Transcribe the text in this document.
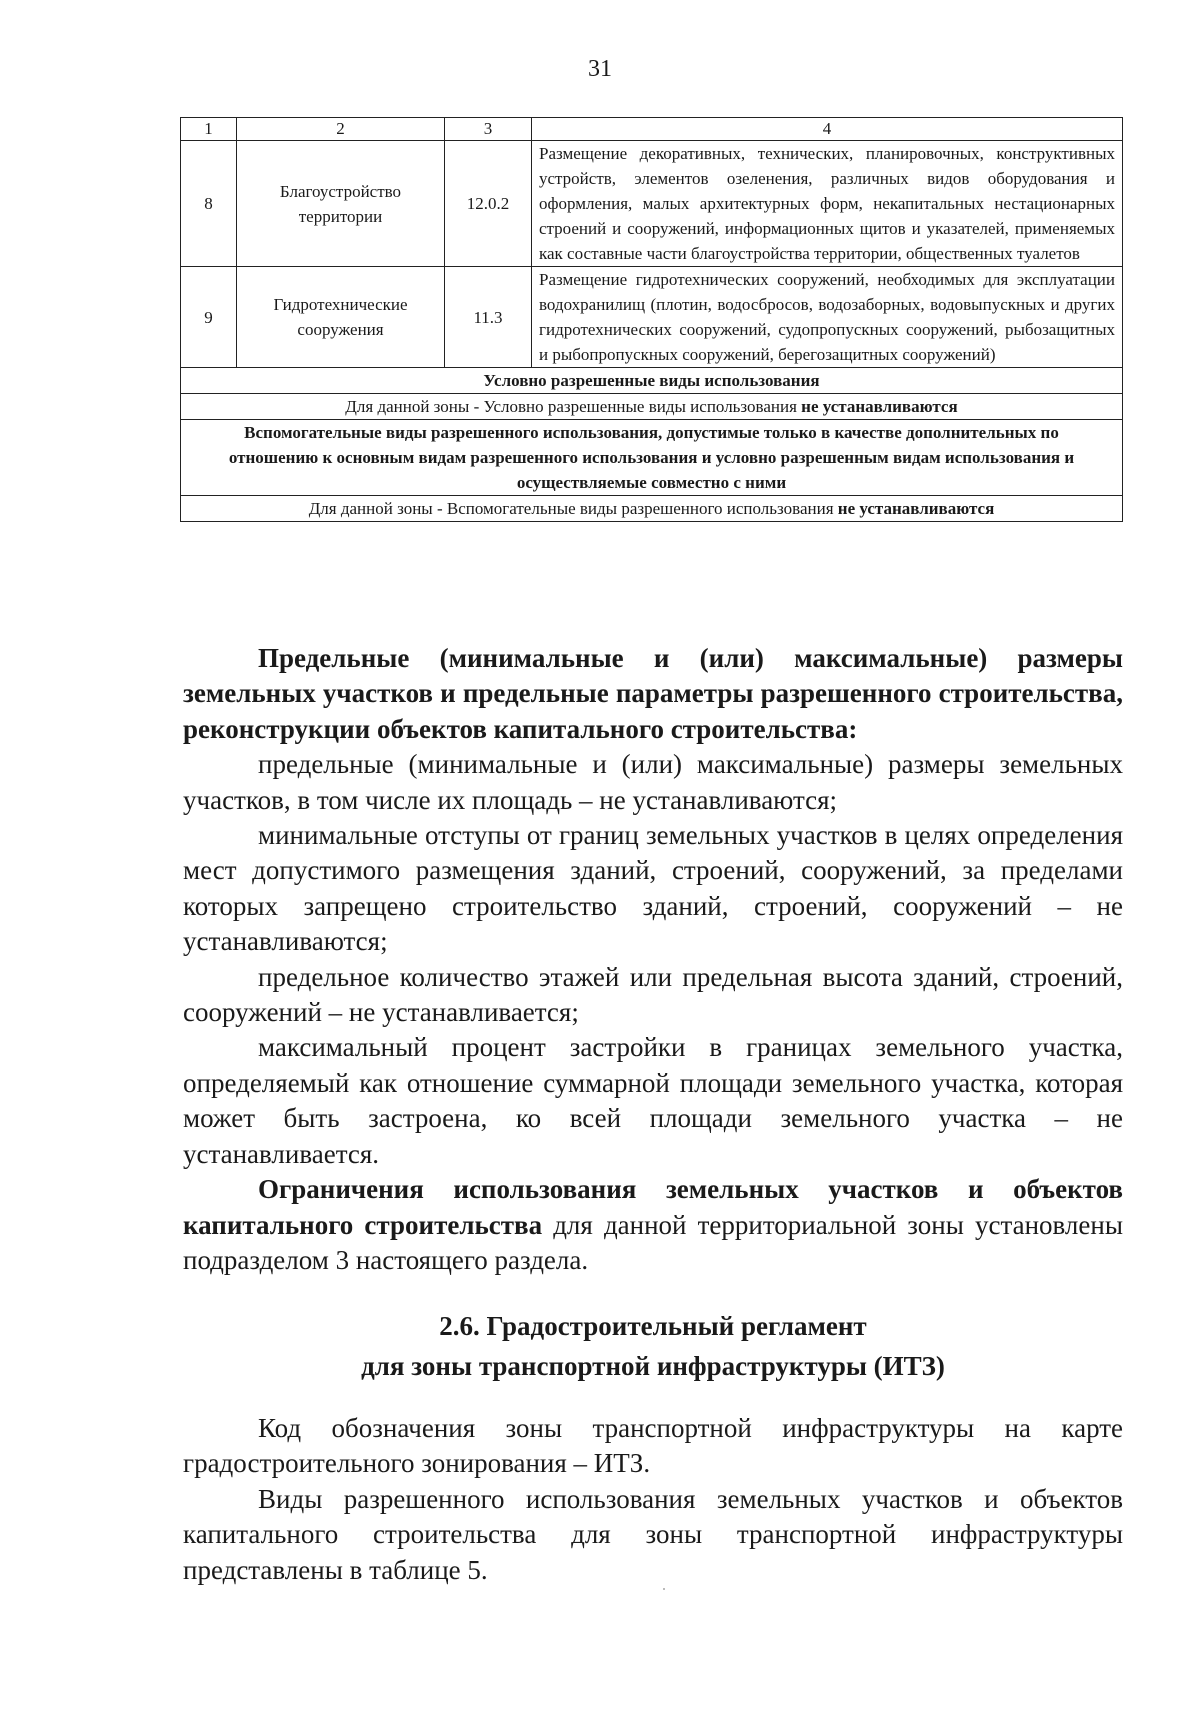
31
1	2	3	4
8	Благоустройство территории	12.0.2	Размещение декоративных, технических, планировочных, конструктивных устройств, элементов озеленения, различных видов оборудования и оформления, малых архитектурных форм, некапитальных нестационарных строений и сооружений, информационных щитов и указателей, применяемых как составные части благоустройства территории, общественных туалетов
9	Гидротехнические сооружения	11.3	Размещение гидротехнических сооружений, необходимых для эксплуатации водохранилищ (плотин, водосбросов, водозаборных, водовыпускных и других гидротехнических сооружений, судопропускных сооружений, рыбозащитных и рыбопропускных сооружений, берегозащитных сооружений)
Условно разрешенные виды использования			
Для данной зоны - Условно разрешенные виды использования не устанавливаются			
Вспомогательные виды разрешенного использования, допустимые только в качестве дополнительных по отношению к основным видам разрешенного использования и условно разрешенным видам использования и осуществляемые совместно с ними			
Для данной зоны - Вспомогательные виды разрешенного использования не устанавливаются			

Предельные (минимальные и (или) максимальные) размеры земельных участков и предельные параметры разрешенного строительства, реконструкции объектов капитального строительства:

предельные (минимальные и (или) максимальные) размеры земельных участков, в том числе их площадь – не устанавливаются;

минимальные отступы от границ земельных участков в целях определения мест допустимого размещения зданий, строений, сооружений, за пределами которых запрещено строительство зданий, строений, сооружений – не устанавливаются;

предельное количество этажей или предельная высота зданий, строений, сооружений – не устанавливается;

максимальный процент застройки в границах земельного участка, определяемый как отношение суммарной площади земельного участка, которая может быть застроена, ко всей площади земельного участка – не устанавливается.

Ограничения использования земельных участков и объектов капитального строительства для данной территориальной зоны установлены подразделом 3 настоящего раздела.

2.6. Градостроительный регламент
для зоны транспортной инфраструктуры (ИТЗ)

Код обозначения зоны транспортной инфраструктуры на карте градостроительного зонирования – ИТЗ.

Виды разрешенного использования земельных участков и объектов капитального строительства для зоны транспортной инфраструктуры представлены в таблице 5.
